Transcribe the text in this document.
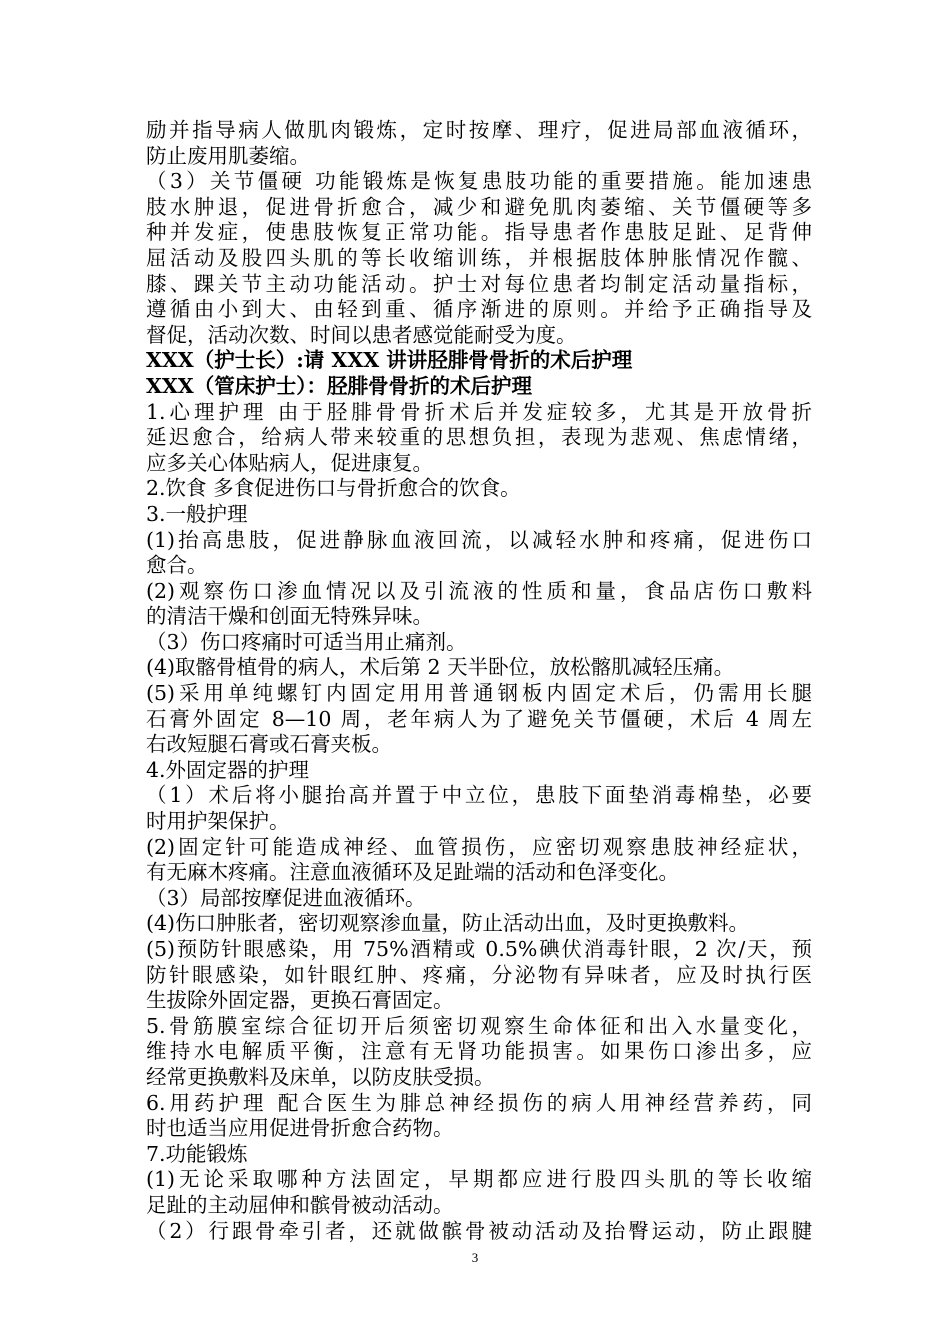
励并指导病人做肌肉锻炼，定时按摩、理疗，促进局部血液循环，
防止废用肌萎缩。
（3）关节僵硬 功能锻炼是恢复患肢功能的重要措施。能加速患
肢水肿退，促进骨折愈合，减少和避免肌肉萎缩、关节僵硬等多
种并发症，使患肢恢复正常功能。指导患者作患肢足趾、足背伸
屈活动及股四头肌的等长收缩训练，并根据肢体肿胀情况作髋、
膝、踝关节主动功能活动。护士对每位患者均制定活动量指标，
遵循由小到大、由轻到重、循序渐进的原则。并给予正确指导及
督促，活动次数、时间以患者感觉能耐受为度。
XXX（护士长）:请 XXX 讲讲胫腓骨骨折的术后护理
XXX（管床护士）：胫腓骨骨折的术后护理
1.心理护理 由于胫腓骨骨折术后并发症较多，尤其是开放骨折
延迟愈合，给病人带来较重的思想负担，表现为悲观、焦虑情绪，
应多关心体贴病人，促进康复。
2.饮食 多食促进伤口与骨折愈合的饮食。
3.一般护理
(1)抬高患肢，促进静脉血液回流，以减轻水肿和疼痛，促进伤口
愈合。
(2)观察伤口渗血情况以及引流液的性质和量，食品店伤口敷料
的清洁干燥和创面无特殊异味。
（3）伤口疼痛时可适当用止痛剂。
(4)取髂骨植骨的病人，术后第 2 天半卧位，放松髂肌减轻压痛。
(5)采用单纯螺钉内固定用用普通钢板内固定术后，仍需用长腿
石膏外固定 8—10 周，老年病人为了避免关节僵硬，术后 4 周左
右改短腿石膏或石膏夹板。
4.外固定器的护理
（1）术后将小腿抬高并置于中立位，患肢下面垫消毒棉垫，必要
时用护架保护。
(2)固定针可能造成神经、血管损伤，应密切观察患肢神经症状，
有无麻木疼痛。注意血液循环及足趾端的活动和色泽变化。
（3）局部按摩促进血液循环。
(4)伤口肿胀者，密切观察渗血量，防止活动出血，及时更换敷料。
(5)预防针眼感染，用 75%酒精或 0.5%碘伏消毒针眼，2 次/天，预
防针眼感染，如针眼红肿、疼痛，分泌物有异味者，应及时执行医
生拔除外固定器，更换石膏固定。
5.骨筋膜室综合征切开后须密切观察生命体征和出入水量变化，
维持水电解质平衡，注意有无肾功能损害。如果伤口渗出多，应
经常更换敷料及床单，以防皮肤受损。
6.用药护理 配合医生为腓总神经损伤的病人用神经营养药，同
时也适当应用促进骨折愈合药物。
7.功能锻炼
(1)无论采取哪种方法固定，早期都应进行股四头肌的等长收缩
足趾的主动屈伸和髌骨被动活动。
（2）行跟骨牵引者，还就做髌骨被动活动及抬臀运动，防止跟腱
3
